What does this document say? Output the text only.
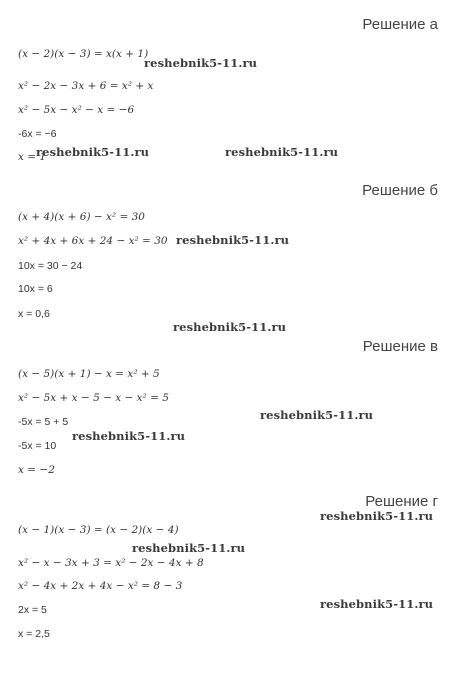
Решение а
(x − 2)(x − 3) = x(x + 1)
x² − 2x − 3x + 6 = x² + x
x² − 5x − x² − x = −6
-6x = −6
x = 1
Решение б
(x + 4)(x + 6) − x² = 30
x² + 4x + 6x + 24 − x² = 30
10x = 30 − 24
10x = 6
x = 0,6
Решение в
(x − 5)(x + 1) − x = x² + 5
x² − 5x + x − 5 − x − x² = 5
-5x = 5 + 5
-5x = 10
x = −2
Решение г
(x − 1)(x − 3) = (x − 2)(x − 4)
x² − x − 3x + 3 = x² − 2x − 4x + 8
x² − 4x + 2x + 4x − x² = 8 − 3
2x = 5
x = 2,5
reshebnik5-11.ru
reshebnik5-11.ru	reshebnik5-11.ru
reshebnik5-11.ru
reshebnik5-11.ru
reshebnik5-11.ru
reshebnik5-11.ru
reshebnik5-11.ru
reshebnik5-11.ru
reshebnik5-11.ru
